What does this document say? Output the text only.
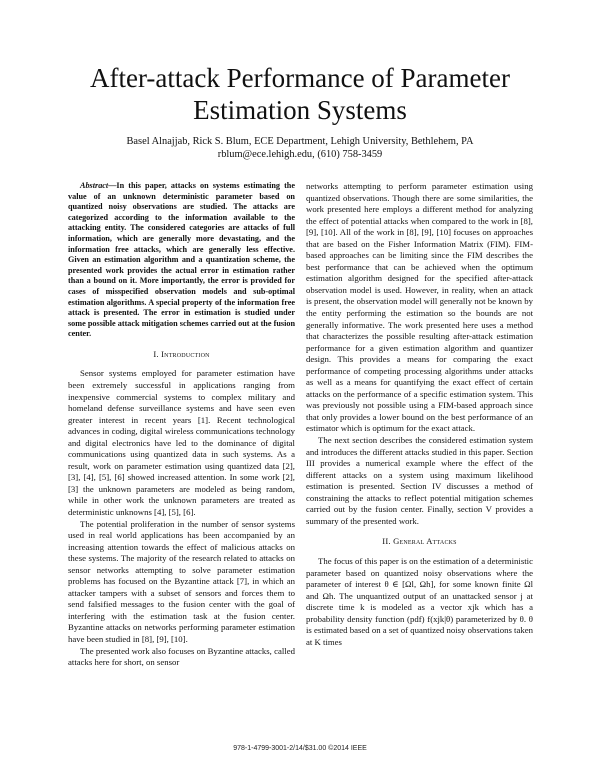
After-attack Performance of Parameter
Estimation Systems
Basel Alnajjab, Rick S. Blum, ECE Department, Lehigh University, Bethlehem, PA
rblum@ece.lehigh.edu, (610) 758-3459

Abstract—In this paper, attacks on systems estimating the value of an unknown deterministic parameter based on quantized noisy observations are studied. The attacks are categorized according to the information available to the attacking entity. The considered categories are attacks of full information, which are generally more devastating, and the information free attacks, which are generally less effective. Given an estimation algorithm and a quantization scheme, the presented work provides the actual error in estimation rather than a bound on it. More importantly, the error is provided for cases of misspecified observation models and sub-optimal estimation algorithms. A special property of the information free attack is presented. The error in estimation is studied under some possible attack mitigation schemes carried out at the fusion center.

I. Introduction

Sensor systems employed for parameter estimation have been extremely successful in applications ranging from inexpensive commercial systems to complex military and homeland defense surveillance systems and have seen even greater interest in recent years [1]. Recent technological advances in coding, digital wireless communications technology and digital electronics have led to the dominance of digital communications using quantized data in such systems. As a result, work on parameter estimation using quantized data [2], [3], [4], [5], [6] showed increased attention. In some work [2], [3] the unknown parameters are modeled as being random, while in other work the unknown parameters are treated as deterministic unknowns [4], [5], [6].

The potential proliferation in the number of sensor systems used in real world applications has been accompanied by an increasing attention towards the effect of malicious attacks on these systems. The majority of the research related to attacks on sensor networks attempting to solve parameter estimation problems has focused on the Byzantine attack [7], in which an attacker tampers with a subset of sensors and forces them to send falsified messages to the fusion center with the goal of interfering with the estimation task at the fusion center. Byzantine attacks on networks performing parameter estimation have been studied in [8], [9], [10].

The presented work also focuses on Byzantine attacks, called attacks here for short, on sensor

networks attempting to perform parameter estimation using quantized observations. Though there are some similarities, the work presented here employs a different method for analyzing the effect of potential attacks when compared to the work in [8], [9], [10]. All of the work in [8], [9], [10] focuses on approaches that are based on the Fisher Information Matrix (FIM). FIM-based approaches can be limiting since the FIM describes the best performance that can be achieved when the optimum estimation algorithm designed for the specified after-attack observation model is used. However, in reality, when an attack is present, the observation model will generally not be known by the entity performing the estimation so the bounds are not generally informative. The work presented here uses a method that characterizes the possible resulting after-attack estimation performance for a given estimation algorithm and quantizer design. This provides a means for comparing the exact performance of competing processing algorithms under attacks as well as a means for quantifying the exact effect of certain attacks on the performance of a specific estimation system. This was previously not possible using a FIM-based approach since that only provides a lower bound on the best performance of an estimator which is optimum for the exact attack.

The next section describes the considered estimation system and introduces the different attacks studied in this paper. Section III provides a numerical example where the effect of the different attacks on a system using maximum likelihood estimation is presented. Section IV discusses a method of constraining the attacks to reflect potential mitigation schemes carried out by the fusion center. Finally, section V provides a summary of the presented work.

II. General Attacks

The focus of this paper is on the estimation of a deterministic parameter based on quantized noisy observations where the parameter of interest θ ∈ [Ωl, Ωh], for some known finite Ωl and Ωh. The unquantized output of an unattacked sensor j at discrete time k is modeled as a vector xjk which has a probability density function (pdf) f(xjk|θ) parameterized by θ. θ is estimated based on a set of quantized noisy observations taken at K times

978-1-4799-3001-2/14/$31.00 ©2014 IEEE
